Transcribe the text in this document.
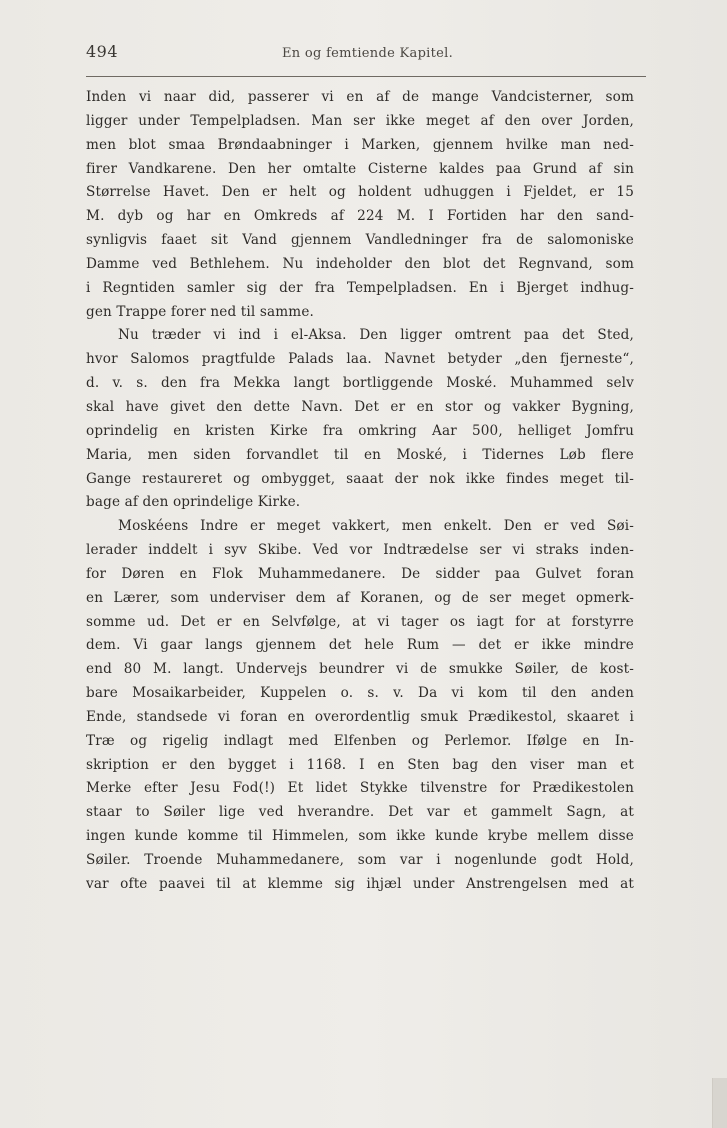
494	En og femtiende Kapitel.
Inden vi naar did, passerer vi en af de mange Vandcisterner, som
ligger under Tempelpladsen. Man ser ikke meget af den over Jorden,
men blot smaa Brøndaabninger i Marken, gjennem hvilke man ned-
firer Vandkarene. Den her omtalte Cisterne kaldes paa Grund af sin
Størrelse Havet. Den er helt og holdent udhuggen i Fjeldet, er 15
M. dyb og har en Omkreds af 224 M. I Fortiden har den sand-
synligvis faaet sit Vand gjennem Vandledninger fra de salomoniske
Damme ved Bethlehem. Nu indeholder den blot det Regnvand, som
i Regntiden samler sig der fra Tempelpladsen. En i Bjerget indhug-
gen Trappe forer ned til samme.
Nu træder vi ind i el-Aksa. Den ligger omtrent paa det Sted,
hvor Salomos pragtfulde Palads laa. Navnet betyder „den fjerneste“,
d. v. s. den fra Mekka langt bortliggende Moské. Muhammed selv
skal have givet den dette Navn. Det er en stor og vakker Bygning,
oprindelig en kristen Kirke fra omkring Aar 500, helliget Jomfru
Maria, men siden forvandlet til en Moské, i Tidernes Løb flere
Gange restaureret og ombygget, saaat der nok ikke findes meget til-
bage af den oprindelige Kirke.
Moskéens Indre er meget vakkert, men enkelt. Den er ved Søi-
lerader inddelt i syv Skibe. Ved vor Indtrædelse ser vi straks inden-
for Døren en Flok Muhammedanere. De sidder paa Gulvet foran
en Lærer, som underviser dem af Koranen, og de ser meget opmerk-
somme ud. Det er en Selvfølge, at vi tager os iagt for at forstyrre
dem. Vi gaar langs gjennem det hele Rum — det er ikke mindre
end 80 M. langt. Undervejs beundrer vi de smukke Søiler, de kost-
bare Mosaikarbeider, Kuppelen o. s. v. Da vi kom til den anden
Ende, standsede vi foran en overordentlig smuk Prædikestol, skaaret i
Træ og rigelig indlagt med Elfenben og Perlemor. Ifølge en In-
skription er den bygget i 1168. I en Sten bag den viser man et
Merke efter Jesu Fod(!) Et lidet Stykke tilvenstre for Prædikestolen
staar to Søiler lige ved hverandre. Det var et gammelt Sagn, at
ingen kunde komme til Himmelen, som ikke kunde krybe mellem disse
Søiler. Troende Muhammedanere, som var i nogenlunde godt Hold,
var ofte paavei til at klemme sig ihjæl under Anstrengelsen med at
